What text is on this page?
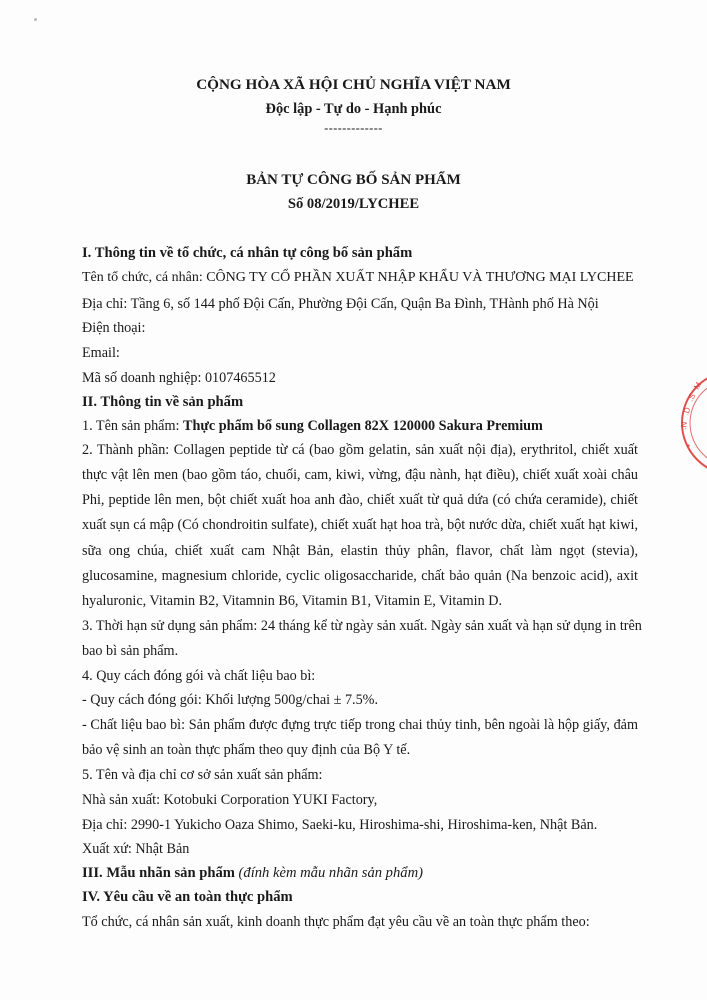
CỘNG HÒA XÃ HỘI CHỦ NGHĨA VIỆT NAM
Độc lập - Tự do - Hạnh phúc
-------------
BẢN TỰ CÔNG BỐ SẢN PHẨM
Số 08/2019/LYCHEE
I. Thông tin về tổ chức, cá nhân tự công bố sản phẩm
Tên tổ chức, cá nhân: CÔNG TY CỔ PHẦN XUẤT NHẬP KHẨU VÀ THƯƠNG MẠI LYCHEE
Địa chỉ: Tầng 6, số 144 phố Đội Cấn, Phường Đội Cấn, Quận Ba Đình, THành phố Hà Nội
Điện thoại:
Email:
Mã số doanh nghiệp: 0107465512
II. Thông tin về sản phẩm
1. Tên sản phẩm: Thực phẩm bổ sung Collagen 82X 120000 Sakura Premium
2. Thành phần: Collagen peptide từ cá (bao gồm gelatin, sản xuất nội địa), erythritol, chiết xuất
thực vật lên men (bao gồm táo, chuối, cam, kiwi, vừng, đậu nành, hạt điều), chiết xuất xoài châu
Phi, peptide lên men, bột chiết xuất hoa anh đào, chiết xuất từ quả dứa (có chứa ceramide), chiết
xuất sụn cá mập (Có chondroitin sulfate), chiết xuất hạt hoa trà, bột nước dừa, chiết xuất hạt kiwi,
sữa ong chúa, chiết xuất cam Nhật Bản, elastin thủy phân, flavor, chất làm ngọt (stevia),
glucosamine, magnesium chloride, cyclic oligosaccharide, chất bảo quản (Na benzoic acid), axit
hyaluronic, Vitamin B2, Vitamnin B6, Vitamin B1, Vitamin E, Vitamin D.
3. Thời hạn sử dụng sản phẩm: 24 tháng kể từ ngày sản xuất. Ngày sản xuất và hạn sử dụng in trên
bao bì sản phẩm.
4. Quy cách đóng gói và chất liệu bao bì:
- Quy cách đóng gói: Khối lượng 500g/chai ± 7.5%.
- Chất liệu bao bì: Sản phẩm được đựng trực tiếp trong chai thủy tinh, bên ngoài là hộp giấy, đảm
bảo vệ sinh an toàn thực phẩm theo quy định của Bộ Y tế.
5. Tên và địa chỉ cơ sở sản xuất sản phẩm:
Nhà sản xuất: Kotobuki Corporation YUKI Factory,
Địa chỉ: 2990-1 Yukicho Oaza Shimo, Saeki-ku, Hiroshima-shi, Hiroshima-ken, Nhật Bản.
Xuất xứ: Nhật Bản
III. Mẫu nhãn sản phẩm (đính kèm mẫu nhãn sản phẩm)
IV. Yêu cầu về an toàn thực phẩm
Tổ chức, cá nhân sản xuất, kinh doanh thực phẩm đạt yêu cầu về an toàn thực phẩm theo:
M
.S
.D
.N
*
